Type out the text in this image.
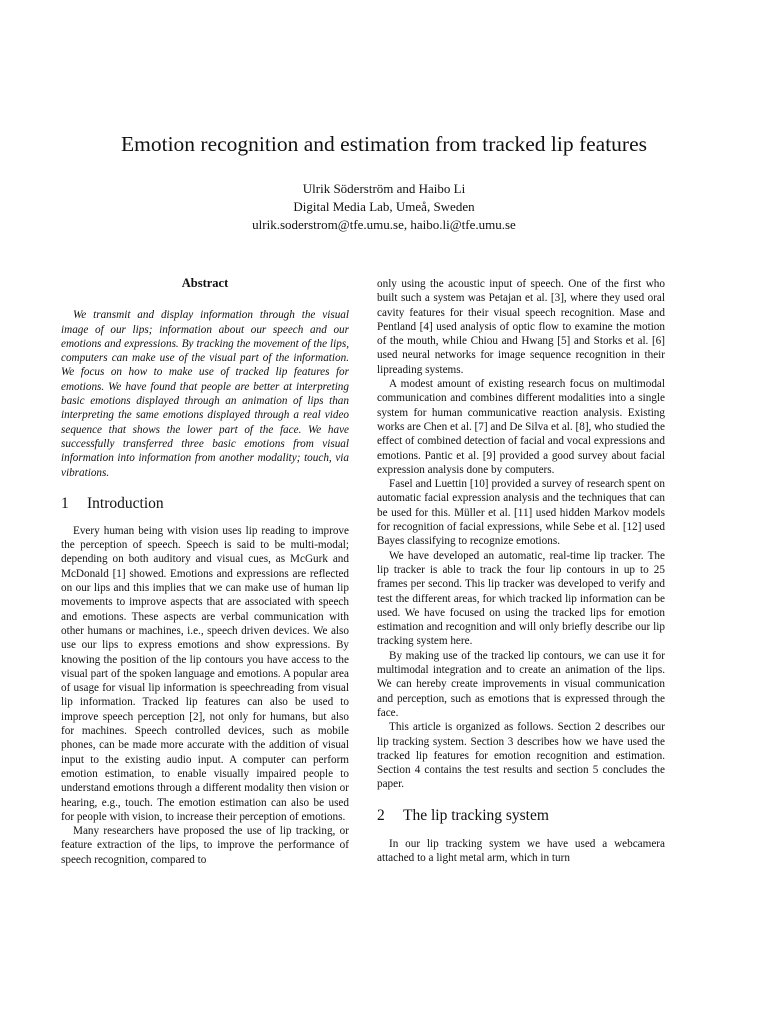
Emotion recognition and estimation from tracked lip features
Ulrik Söderström and Haibo Li
Digital Media Lab, Umeå, Sweden
ulrik.soderstrom@tfe.umu.se, haibo.li@tfe.umu.se
Abstract

We transmit and display information through the visual image of our lips; information about our speech and our emotions and expressions. By tracking the movement of the lips, computers can make use of the visual part of the information. We focus on how to make use of tracked lip features for emotions. We have found that people are better at interpreting basic emotions displayed through an animation of lips than interpreting the same emotions displayed through a real video sequence that shows the lower part of the face. We have successfully transferred three basic emotions from visual information into information from another modality; touch, via vibrations.

1 Introduction

Every human being with vision uses lip reading to improve the perception of speech. Speech is said to be multi-modal; depending on both auditory and visual cues, as McGurk and McDonald [1] showed. Emotions and expressions are reflected on our lips and this implies that we can make use of human lip movements to improve aspects that are associated with speech and emotions. These aspects are verbal communication with other humans or machines, i.e., speech driven devices. We also use our lips to express emotions and show expressions. By knowing the position of the lip contours you have access to the visual part of the spoken language and emotions. A popular area of usage for visual lip information is speechreading from visual lip information. Tracked lip features can also be used to improve speech perception [2], not only for humans, but also for machines. Speech controlled devices, such as mobile phones, can be made more accurate with the addition of visual input to the existing audio input. A computer can perform emotion estimation, to enable visually impaired people to understand emotions through a different modality then vision or hearing, e.g., touch. The emotion estimation can also be used for people with vision, to increase their perception of emotions.

Many researchers have proposed the use of lip tracking, or feature extraction of the lips, to improve the performance of speech recognition, compared to

only using the acoustic input of speech. One of the first who built such a system was Petajan et al. [3], where they used oral cavity features for their visual speech recognition. Mase and Pentland [4] used analysis of optic flow to examine the motion of the mouth, while Chiou and Hwang [5] and Storks et al. [6] used neural networks for image sequence recognition in their lipreading systems.

A modest amount of existing research focus on multimodal communication and combines different modalities into a single system for human communicative reaction analysis. Existing works are Chen et al. [7] and De Silva et al. [8], who studied the effect of combined detection of facial and vocal expressions and emotions. Pantic et al. [9] provided a good survey about facial expression analysis done by computers.

Fasel and Luettin [10] provided a survey of research spent on automatic facial expression analysis and the techniques that can be used for this. Müller et al. [11] used hidden Markov models for recognition of facial expressions, while Sebe et al. [12] used Bayes classifying to recognize emotions.

We have developed an automatic, real-time lip tracker. The lip tracker is able to track the four lip contours in up to 25 frames per second. This lip tracker was developed to verify and test the different areas, for which tracked lip information can be used. We have focused on using the tracked lips for emotion estimation and recognition and will only briefly describe our lip tracking system here.

By making use of the tracked lip contours, we can use it for multimodal integration and to create an animation of the lips. We can hereby create improvements in visual communication and perception, such as emotions that is expressed through the face.

This article is organized as follows. Section 2 describes our lip tracking system. Section 3 describes how we have used the tracked lip features for emotion recognition and estimation. Section 4 contains the test results and section 5 concludes the paper.

2 The lip tracking system

In our lip tracking system we have used a webcamera attached to a light metal arm, which in turn
